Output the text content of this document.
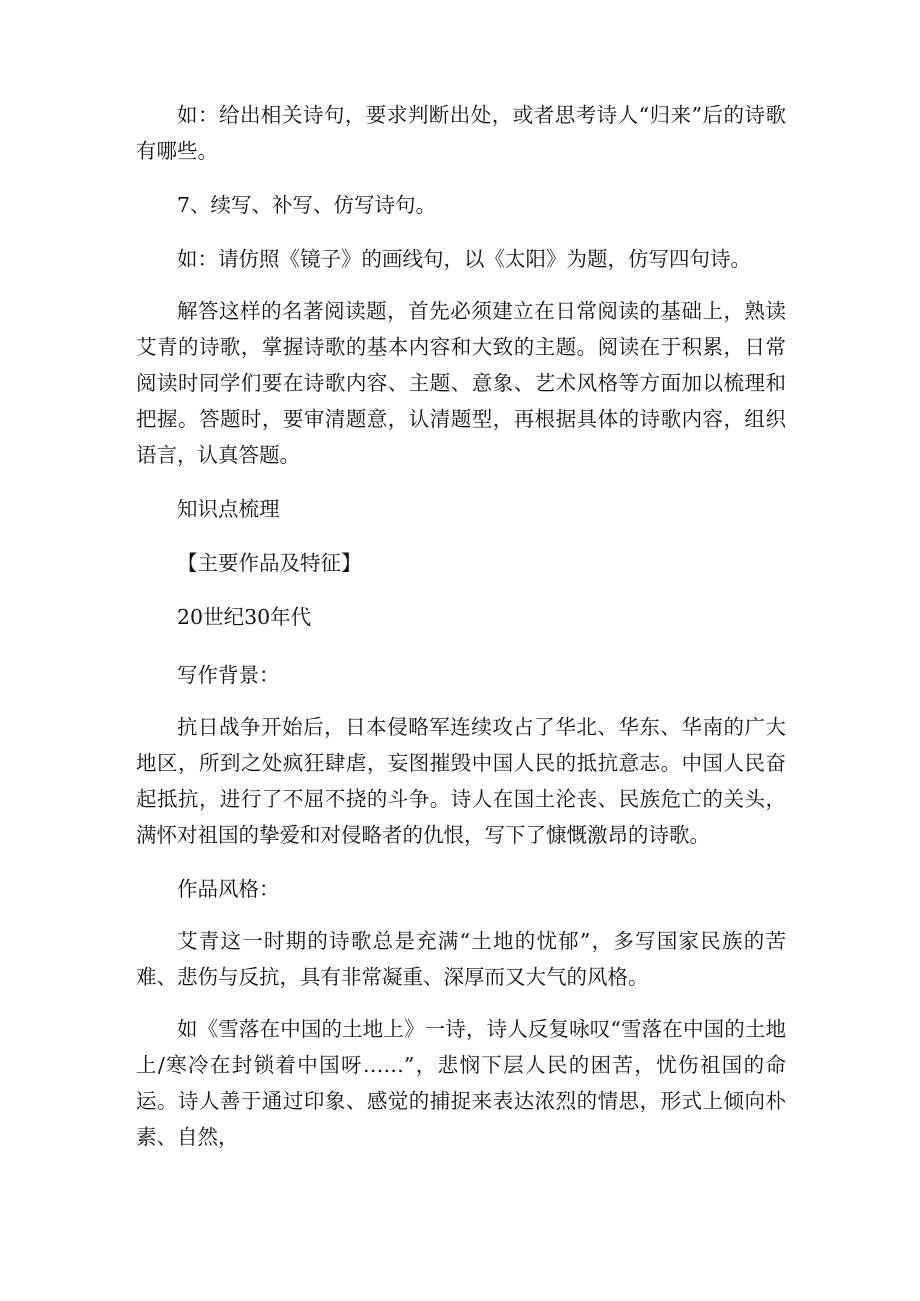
如：给出相关诗句，要求判断出处，或者思考诗人“归来”后的诗歌有哪些。

7、续写、补写、仿写诗句。

如：请仿照《镜子》的画线句，以《太阳》为题，仿写四句诗。

解答这样的名著阅读题，首先必须建立在日常阅读的基础上，熟读艾青的诗歌，掌握诗歌的基本内容和大致的主题。阅读在于积累，日常阅读时同学们要在诗歌内容、主题、意象、艺术风格等方面加以梳理和把握。答题时，要审清题意，认清题型，再根据具体的诗歌内容，组织语言，认真答题。

知识点梳理

【主要作品及特征】

20世纪30年代

写作背景：

抗日战争开始后，日本侵略军连续攻占了华北、华东、华南的广大地区，所到之处疯狂肆虐，妄图摧毁中国人民的抵抗意志。中国人民奋起抵抗，进行了不屈不挠的斗争。诗人在国土沦丧、民族危亡的关头，满怀对祖国的挚爱和对侵略者的仇恨，写下了慷慨激昂的诗歌。

作品风格：

艾青这一时期的诗歌总是充满“土地的忧郁”，多写国家民族的苦难、悲伤与反抗，具有非常凝重、深厚而又大气的风格。

如《雪落在中国的土地上》一诗，诗人反复咏叹“雪落在中国的土地上/寒冷在封锁着中国呀……”，悲悯下层人民的困苦，忧伤祖国的命运。诗人善于通过印象、感觉的捕捉来表达浓烈的情思，形式上倾向朴素、自然，
